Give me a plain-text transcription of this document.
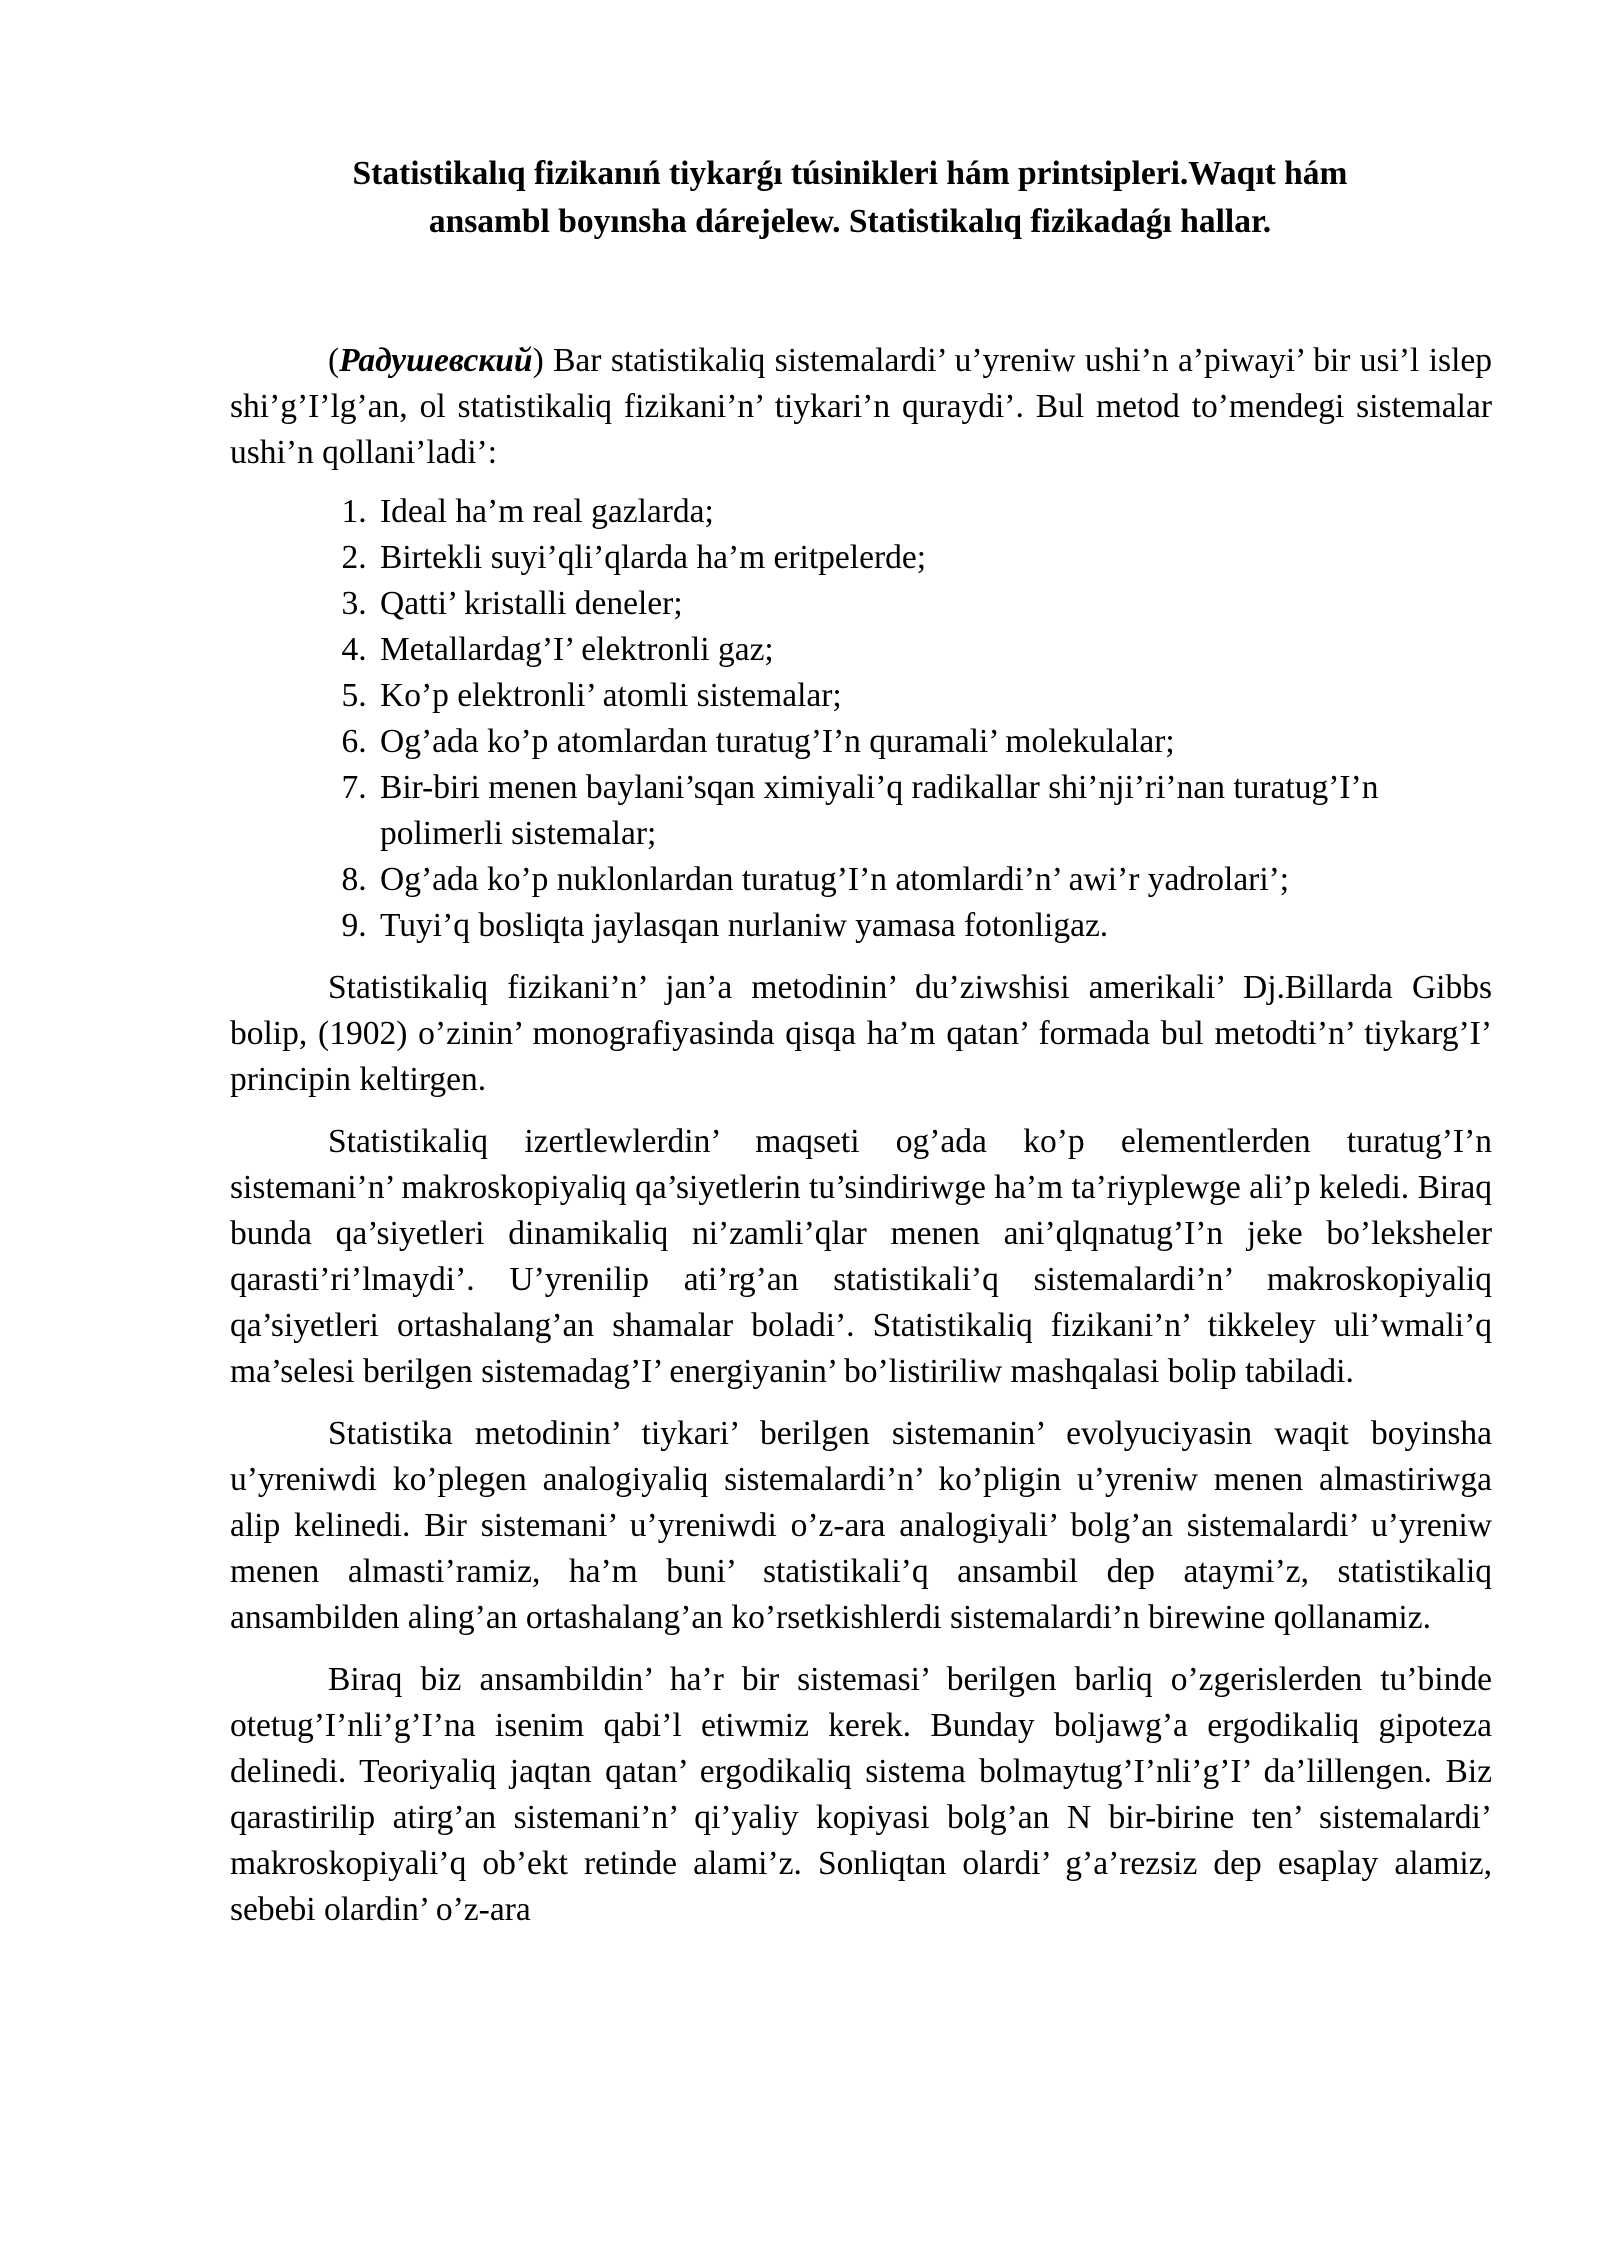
Statistikalıq fizikanıń tiykarǵı túsinikleri hám printsipleri.Waqıt hám
ansambl boyınsha dárejelew. Statistikalıq fizikadaǵı hallar.

(Радушевский) Bar statistikaliq sistemalardi’ u’yreniw ushi’n a’piwayi’ bir usi’l islep shi’g’I’lg’an, ol statistikaliq fizikani’n’ tiykari’n quraydi’. Bul metod to’mendegi sistemalar ushi’n qollani’ladi’:

1. Ideal ha’m real gazlarda;
2. Birtekli suyi’qli’qlarda ha’m eritpelerde;
3. Qatti’ kristalli deneler;
4. Metallardag’I’ elektronli gaz;
5. Ko’p elektronli’ atomli sistemalar;
6. Og’ada ko’p atomlardan turatug’I’n quramali’ molekulalar;
7. Bir-biri menen baylani’sqan ximiyali’q radikallar shi’nji’ri’nan turatug’I’n polimerli sistemalar;
8. Og’ada ko’p nuklonlardan turatug’I’n atomlardi’n’ awi’r yadrolari’;
9. Tuyi’q bosliqta jaylasqan nurlaniw yamasa fotonligaz.

Statistikaliq fizikani’n’ jan’a metodinin’ du’ziwshisi amerikali’ Dj.Billarda Gibbs bolip, (1902) o’zinin’ monografiyasinda qisqa ha’m qatan’ formada bul metodti’n’ tiykarg’I’ principin keltirgen.

Statistikaliq izertlewlerdin’ maqseti og’ada ko’p elementlerden turatug’I’n sistemani’n’ makroskopiyaliq qa’siyetlerin tu’sindiriwge ha’m ta’riyplewge ali’p keledi. Biraq bunda qa’siyetleri dinamikaliq ni’zamli’qlar menen ani’qlqnatug’I’n jeke bo’leksheler qarasti’ri’lmaydi’. U’yrenilip ati’rg’an statistikali’q sistemalardi’n’ makroskopiyaliq qa’siyetleri ortashalang’an shamalar boladi’. Statistikaliq fizikani’n’ tikkeley uli’wmali’q ma’selesi berilgen sistemadag’I’ energiyanin’ bo’listiriliw mashqalasi bolip tabiladi.

Statistika metodinin’ tiykari’ berilgen sistemanin’ evolyuciyasin waqit boyinsha u’yreniwdi ko’plegen analogiyaliq sistemalardi’n’ ko’pligin u’yreniw menen almastiriwga alip kelinedi. Bir sistemani’ u’yreniwdi o’z-ara analogiyali’ bolg’an sistemalardi’ u’yreniw menen almasti’ramiz, ha’m buni’ statistikali’q ansambil dep ataymi’z, statistikaliq ansambilden aling’an ortashalang’an ko’rsetkishlerdi sistemalardi’n birewine qollanamiz.

Biraq biz ansambildin’ ha’r bir sistemasi’ berilgen barliq o’zgerislerden tu’binde otetug’I’nli’g’I’na isenim qabi’l etiwmiz kerek. Bunday boljawg’a ergodikaliq gipoteza delinedi. Teoriyaliq jaqtan qatan’ ergodikaliq sistema bolmaytug’I’nli’g’I’ da’lillengen. Biz qarastirilip atirg’an sistemani’n’ qi’yaliy kopiyasi bolg’an N bir-birine ten’ sistemalardi’ makroskopiyali’q ob’ekt retinde alami’z. Sonliqtan olardi’ g’a’rezsiz dep esaplay alamiz, sebebi olardin’ o’z-ara
